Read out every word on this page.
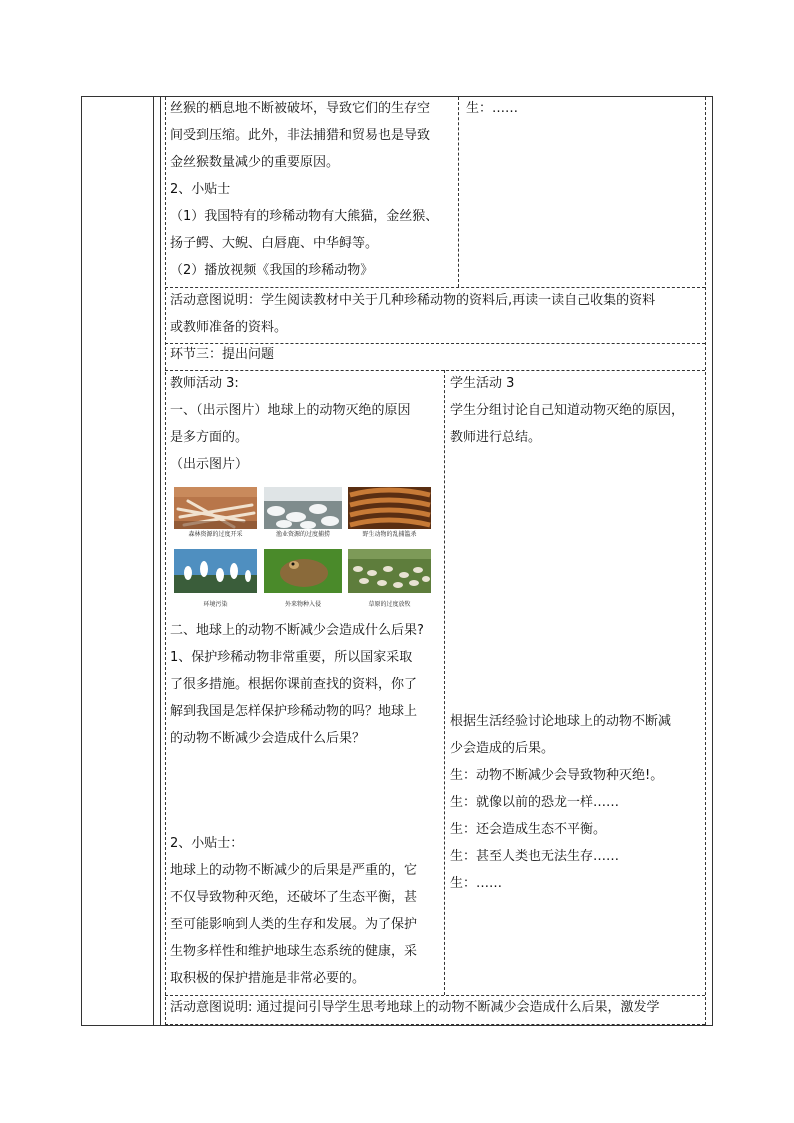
丝猴的栖息地不断被破坏，导致它们的生存空

间受到压缩。此外，非法捕猎和贸易也是导致

金丝猴数量减少的重要原因。

2、小贴士

（1）我国特有的珍稀动物有大熊猫，金丝猴、

扬子鳄、大鲵、白唇鹿、中华鲟等。

（2）播放视频《我国的珍稀动物》

生：……

活动意图说明：学生阅读教材中关于几种珍稀动物的资料后,再读一读自己收集的资料

或教师准备的资料。

环节三：提出问题

教师活动 3:

一、（出示图片）地球上的动物灭绝的原因

是多方面的。

（出示图片）

森林资源的过度开采	渔业资源的过度捕捞	野生动物的乱捕滥杀
环境污染	外来物种入侵	草原的过度放牧

二、地球上的动物不断减少会造成什么后果?

1、保护珍稀动物非常重要，所以国家采取

了很多措施。根据你课前查找的资料，你了

解到我国是怎样保护珍稀动物的吗？地球上

的动物不断减少会造成什么后果？

2、小贴士：

地球上的动物不断减少的后果是严重的，它

不仅导致物种灭绝，还破坏了生态平衡，甚

至可能影响到人类的生存和发展。为了保护

生物多样性和维护地球生态系统的健康，采

取积极的保护措施是非常必要的。

学生活动 3

学生分组讨论自己知道动物灭绝的原因，

教师进行总结。

根据生活经验讨论地球上的动物不断减

少会造成的后果。

生：动物不断减少会导致物种灭绝!。

生：就像以前的恐龙一样……

生：还会造成生态不平衡。

生：甚至人类也无法生存……

生：……

活动意图说明: 通过提问引导学生思考地球上的动物不断减少会造成什么后果，激发学
